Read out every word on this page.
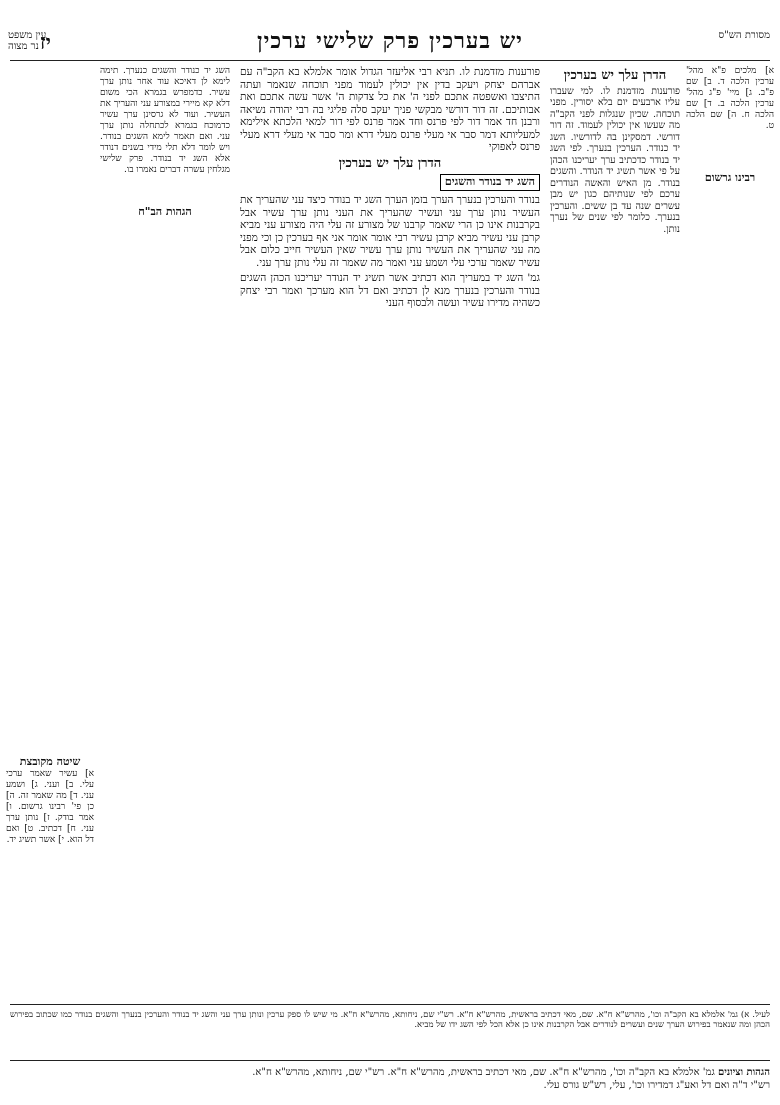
מסורת הש"ס
יש בערכין פרק שלישי ערכין
יז
עין משפט
נר מצוה

א] מלכים פ"א מהל' ערכין הלכה ד. ב] שם פ"ב. ג] מיי' פ"ג מהל' ערכין הלכה ב. ד] שם הלכה ח. ה] שם הלכה ט.

רבינו גרשום
הדרן עלך יש בערכין

פורענות מזדמנת לו. למי שעברו עליו ארבעים יום בלא יסורין. מפני תוכחה. שכיון שנגלות לפני הקב"ה מה שעשו אין יכולין לעמוד. זה דור דורשי. דמסקינן בה לדורשיו. השג יד כנודר. הערכין בנערך. לפי השג יד בנודר כדכתיב ערך יעריכנו הכהן על פי אשר תשיג יד הנודר. והשגים בנודר. מן האיש והאשה הנודרים ערכם לפי שנותיהם כגון יש מבן עשרים שנה עד בן ששים. והערכין בנערך. כלומר לפי שנים של נערך נותן.

פורענות מזדמנת לו. תניא רבי אליעזר הגדול אומר אלמלא בא הקב"ה עם אברהם יצחק ויעקב בדין אין יכולין לעמוד מפני תוכחה שנאמר ועתה התיצבו ואשפטה אתכם לפני ה' את כל צדקות ה' אשר עשה אתכם ואת אבותיכם. זה דור דורשי מבקשי פניך יעקב סלה פליגי בה רבי יהודה נשיאה ורבנן חד אמר דור לפי פרנס וחד אמר פרנס לפי דור למאי הלכתא אילימא למעליותא דמר סבר אי מעלי פרנס מעלי דרא ומר סבר אי מעלי דרא מעלי פרנס לאפוקי

הדרן עלך יש בערכין
השג יד בנודר והשגים

בנודר והערכין בנערך הערך בזמן הערך השג יד בנודר כיצד עני שהעריך את העשיר נותן ערך עני ועשיר שהעריך את העני נותן ערך עשיר אבל בקרבנות אינו כן הרי שאמר קרבנו של מצורע זה עלי היה מצורע עני מביא קרבן עני עשיר מביא קרבן עשיר רבי אומר אומר אני אף בערכין כן וכי מפני מה עני שהעריך את העשיר נותן ערך עשיר שאין העשיר חייב כלום אבל עשיר שאמר ערכי עלי ושמע עני ואמר מה שאמר זה עלי נותן ערך עני.

גמ' השג יד במעריך הוא דכתיב אשר תשיג יד הנודר יעריכנו הכהן השגים בנודר והערכין בנערך מנא לן דכתיב ואם דל הוא מערכך ואמר רבי יצחק כשהיה מדירו עשיר ועשה ולבסוף העני

השג יד כנודר והשגים כנערך. תימה לימא לן דאיכא עוד אחר נותן ערך עשיר. כדמפרש בגמרא הכי משום דלא קא מיירי במצורע עני והעריך את העשיר. ועוד לא גרסינן ערך עשיר כדמוכח בגמרא לכתחלה נותן ערך עני. ואם תאמר לימא השגים בנודר. ויש לומר דלא תלי מידי בשנים דנודר אלא השג יד בנודר. פרק שלישי מגלחין עשרה דברים נאמרו בו.

הגהות הב"ח
שיטה מקובצת

א] עשיר שאמר ערכי עלי. ב] ועני. ג] ושמע עני. ד] מה שאמר זה. ה] כן פי' רבינו גרשום. ו] אמר בודק. ז] נותן ערך עני. ח] דכתיב. ט] ואם דל הוא. י] אשר תשיג יד.

לעיל. א) גמ' אלמלא בא הקב"ה וכו', מהרש"א ח"א. שם, מאי דכתיב בראשית, מהרש"א ח"א. רש"י שם, ניחותא, מהרש"א ח"א. מי שיש לו ספק ערכין ונותן ערך עני והשג יד בנודר והערכין בנערך והשגים בנודר כמו שכתוב בפירוש הכהן ומה שנאמר בפירוש הערך שנים ועשרים לנודרים אבל הקרבנות אינו כן אלא הכל לפי השג ידו של מביא.
הגהות וציונים גמ' אלמלא בא הקב"ה וכו', מהרש"א ח"א. שם, מאי דכתיב בראשית, מהרש"א ח"א. רש"י שם, ניחותא, מהרש"א ח"א.
רש"י ד"ה ואם דל ואע"ג דמדירו וכו', עלי, רש"ש גורס עלי.
